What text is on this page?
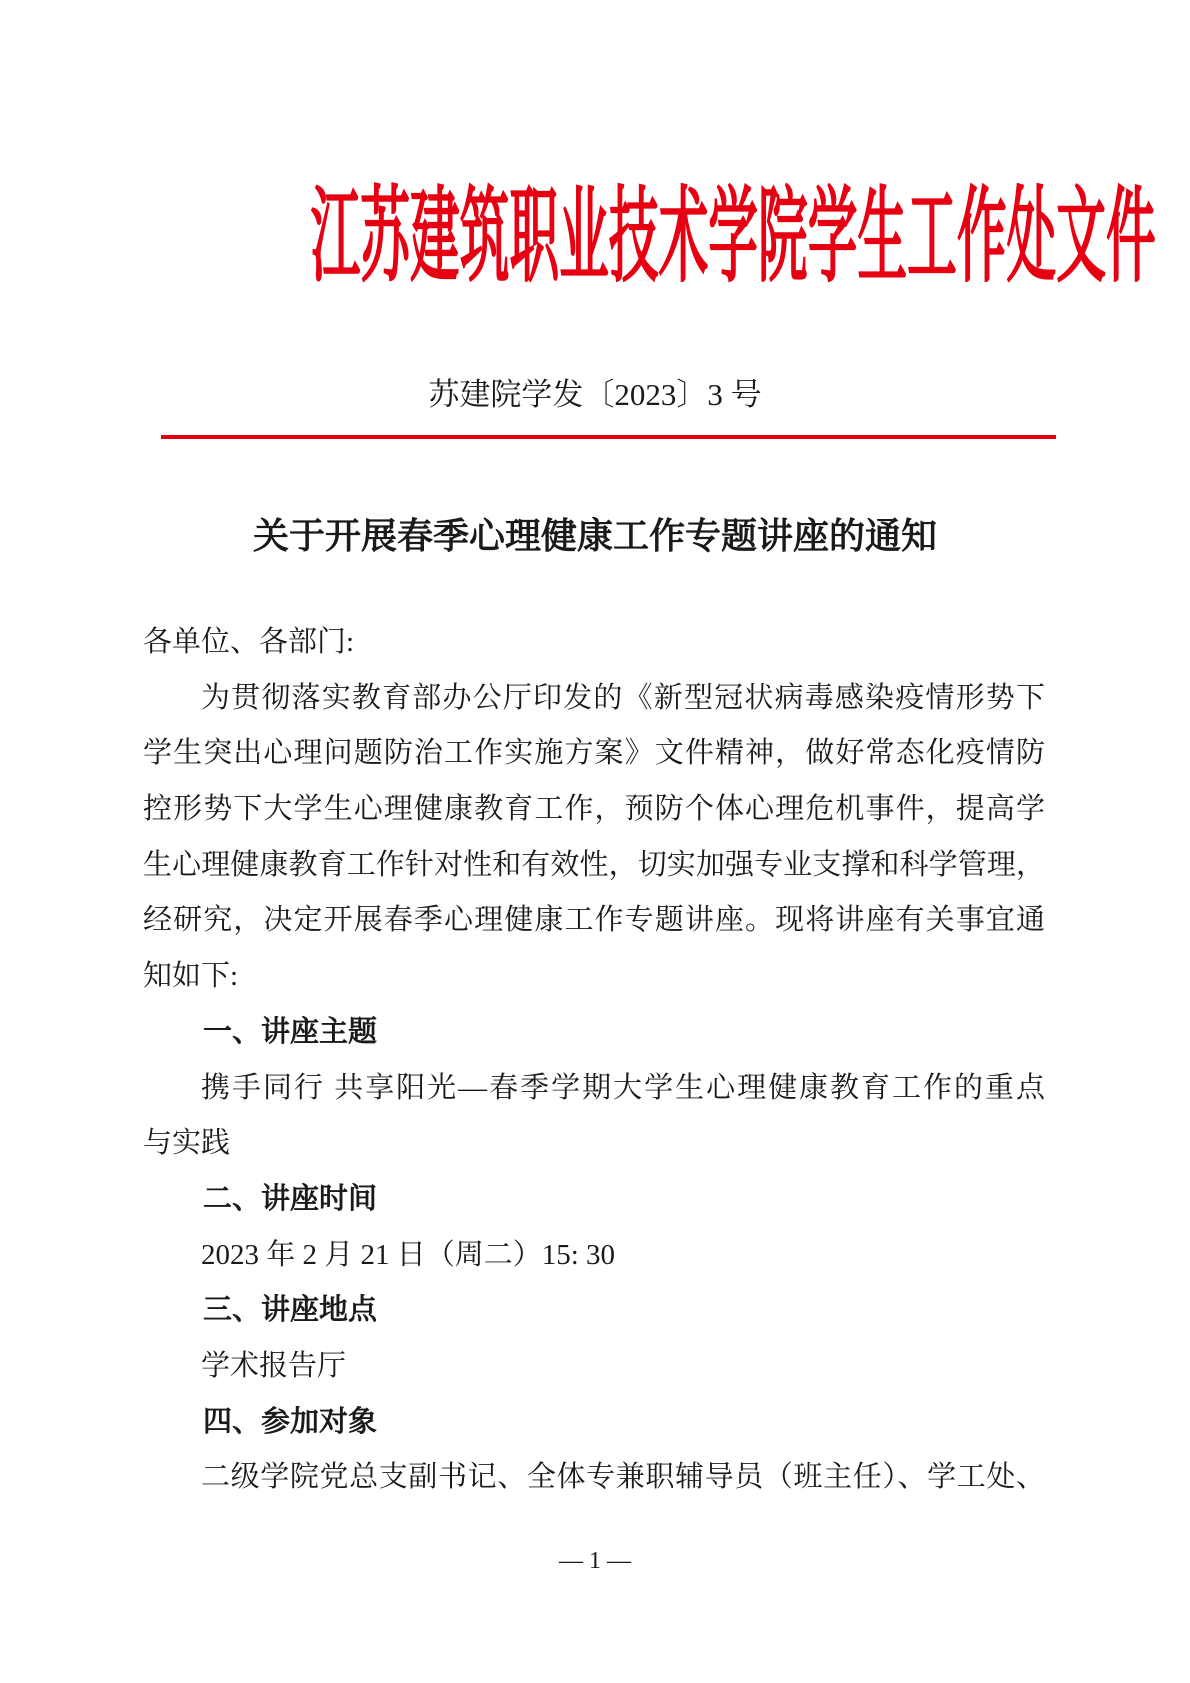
江苏建筑职业技术学院学生工作处文件
苏建院学发〔2023〕3 号
关于开展春季心理健康工作专题讲座的通知
各单位、各部门:
为贯彻落实教育部办公厅印发的《新型冠状病毒感染疫情形势下
学生突出心理问题防治工作实施方案》文件精神，做好常态化疫情防
控形势下大学生心理健康教育工作，预防个体心理危机事件，提高学
生心理健康教育工作针对性和有效性，切实加强专业支撑和科学管理，
经研究，决定开展春季心理健康工作专题讲座。现将讲座有关事宜通
知如下:
一、讲座主题
携手同行 共享阳光—春季学期大学生心理健康教育工作的重点
与实践
二、讲座时间
2023 年 2 月 21 日（周二）15: 30
三、讲座地点
学术报告厅
四、参加对象
二级学院党总支副书记、全体专兼职辅导员（班主任）、学工处、
— 1 —
